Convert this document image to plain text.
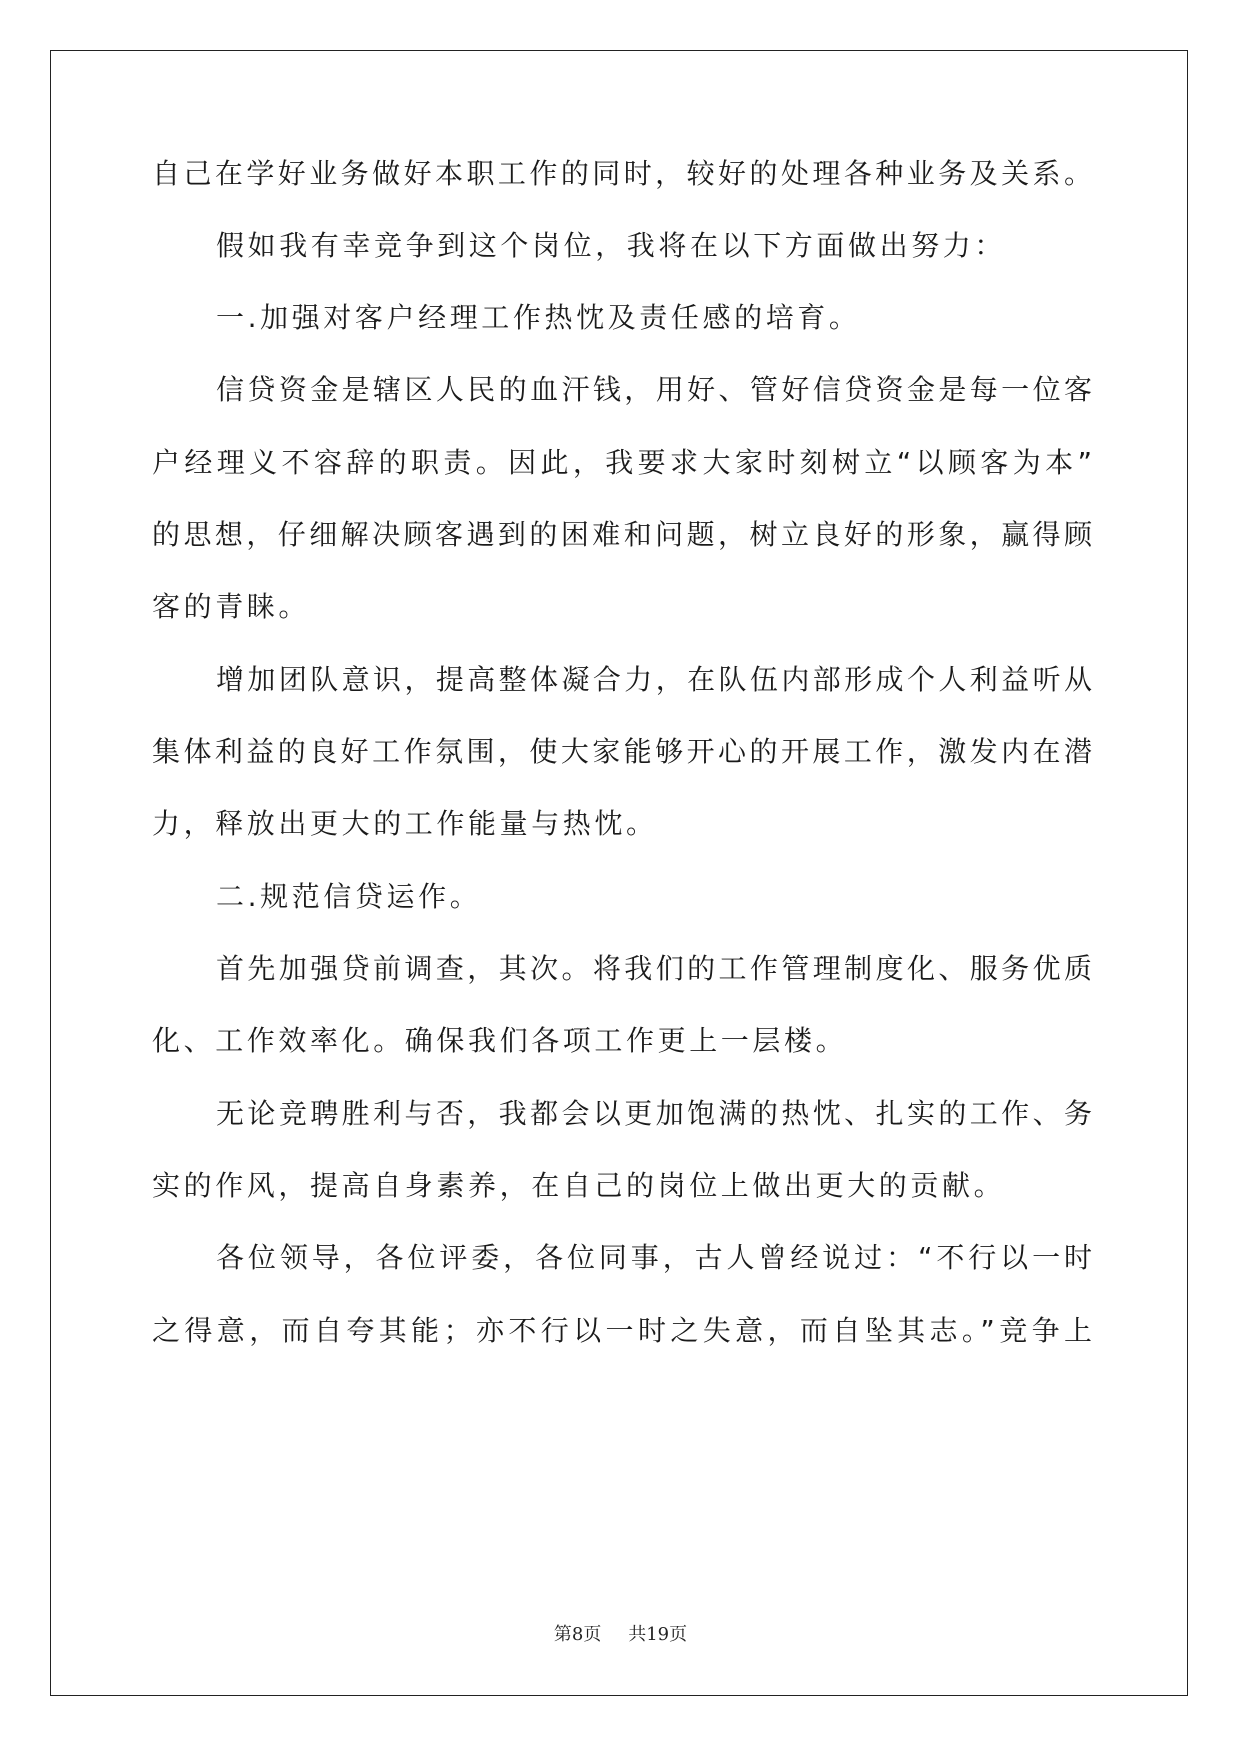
自己在学好业务做好本职工作的同时，较好的处理各种业务及关系。
假如我有幸竞争到这个岗位，我将在以下方面做出努力：
一.加强对客户经理工作热忱及责任感的培育。
信贷资金是辖区人民的血汗钱，用好、管好信贷资金是每一位客
户经理义不容辞的职责。因此，我要求大家时刻树立“以顾客为本”
的思想，仔细解决顾客遇到的困难和问题，树立良好的形象，赢得顾
客的青睐。
增加团队意识，提高整体凝合力，在队伍内部形成个人利益听从
集体利益的良好工作氛围，使大家能够开心的开展工作，激发内在潜
力，释放出更大的工作能量与热忱。
二.规范信贷运作。
首先加强贷前调查，其次。将我们的工作管理制度化、服务优质
化、工作效率化。确保我们各项工作更上一层楼。
无论竞聘胜利与否，我都会以更加饱满的热忱、扎实的工作、务
实的作风，提高自身素养，在自己的岗位上做出更大的贡献。
各位领导，各位评委，各位同事，古人曾经说过：“不行以一时
之得意，而自夸其能；亦不行以一时之失意，而自坠其志。”竞争上
第8页 共19页
